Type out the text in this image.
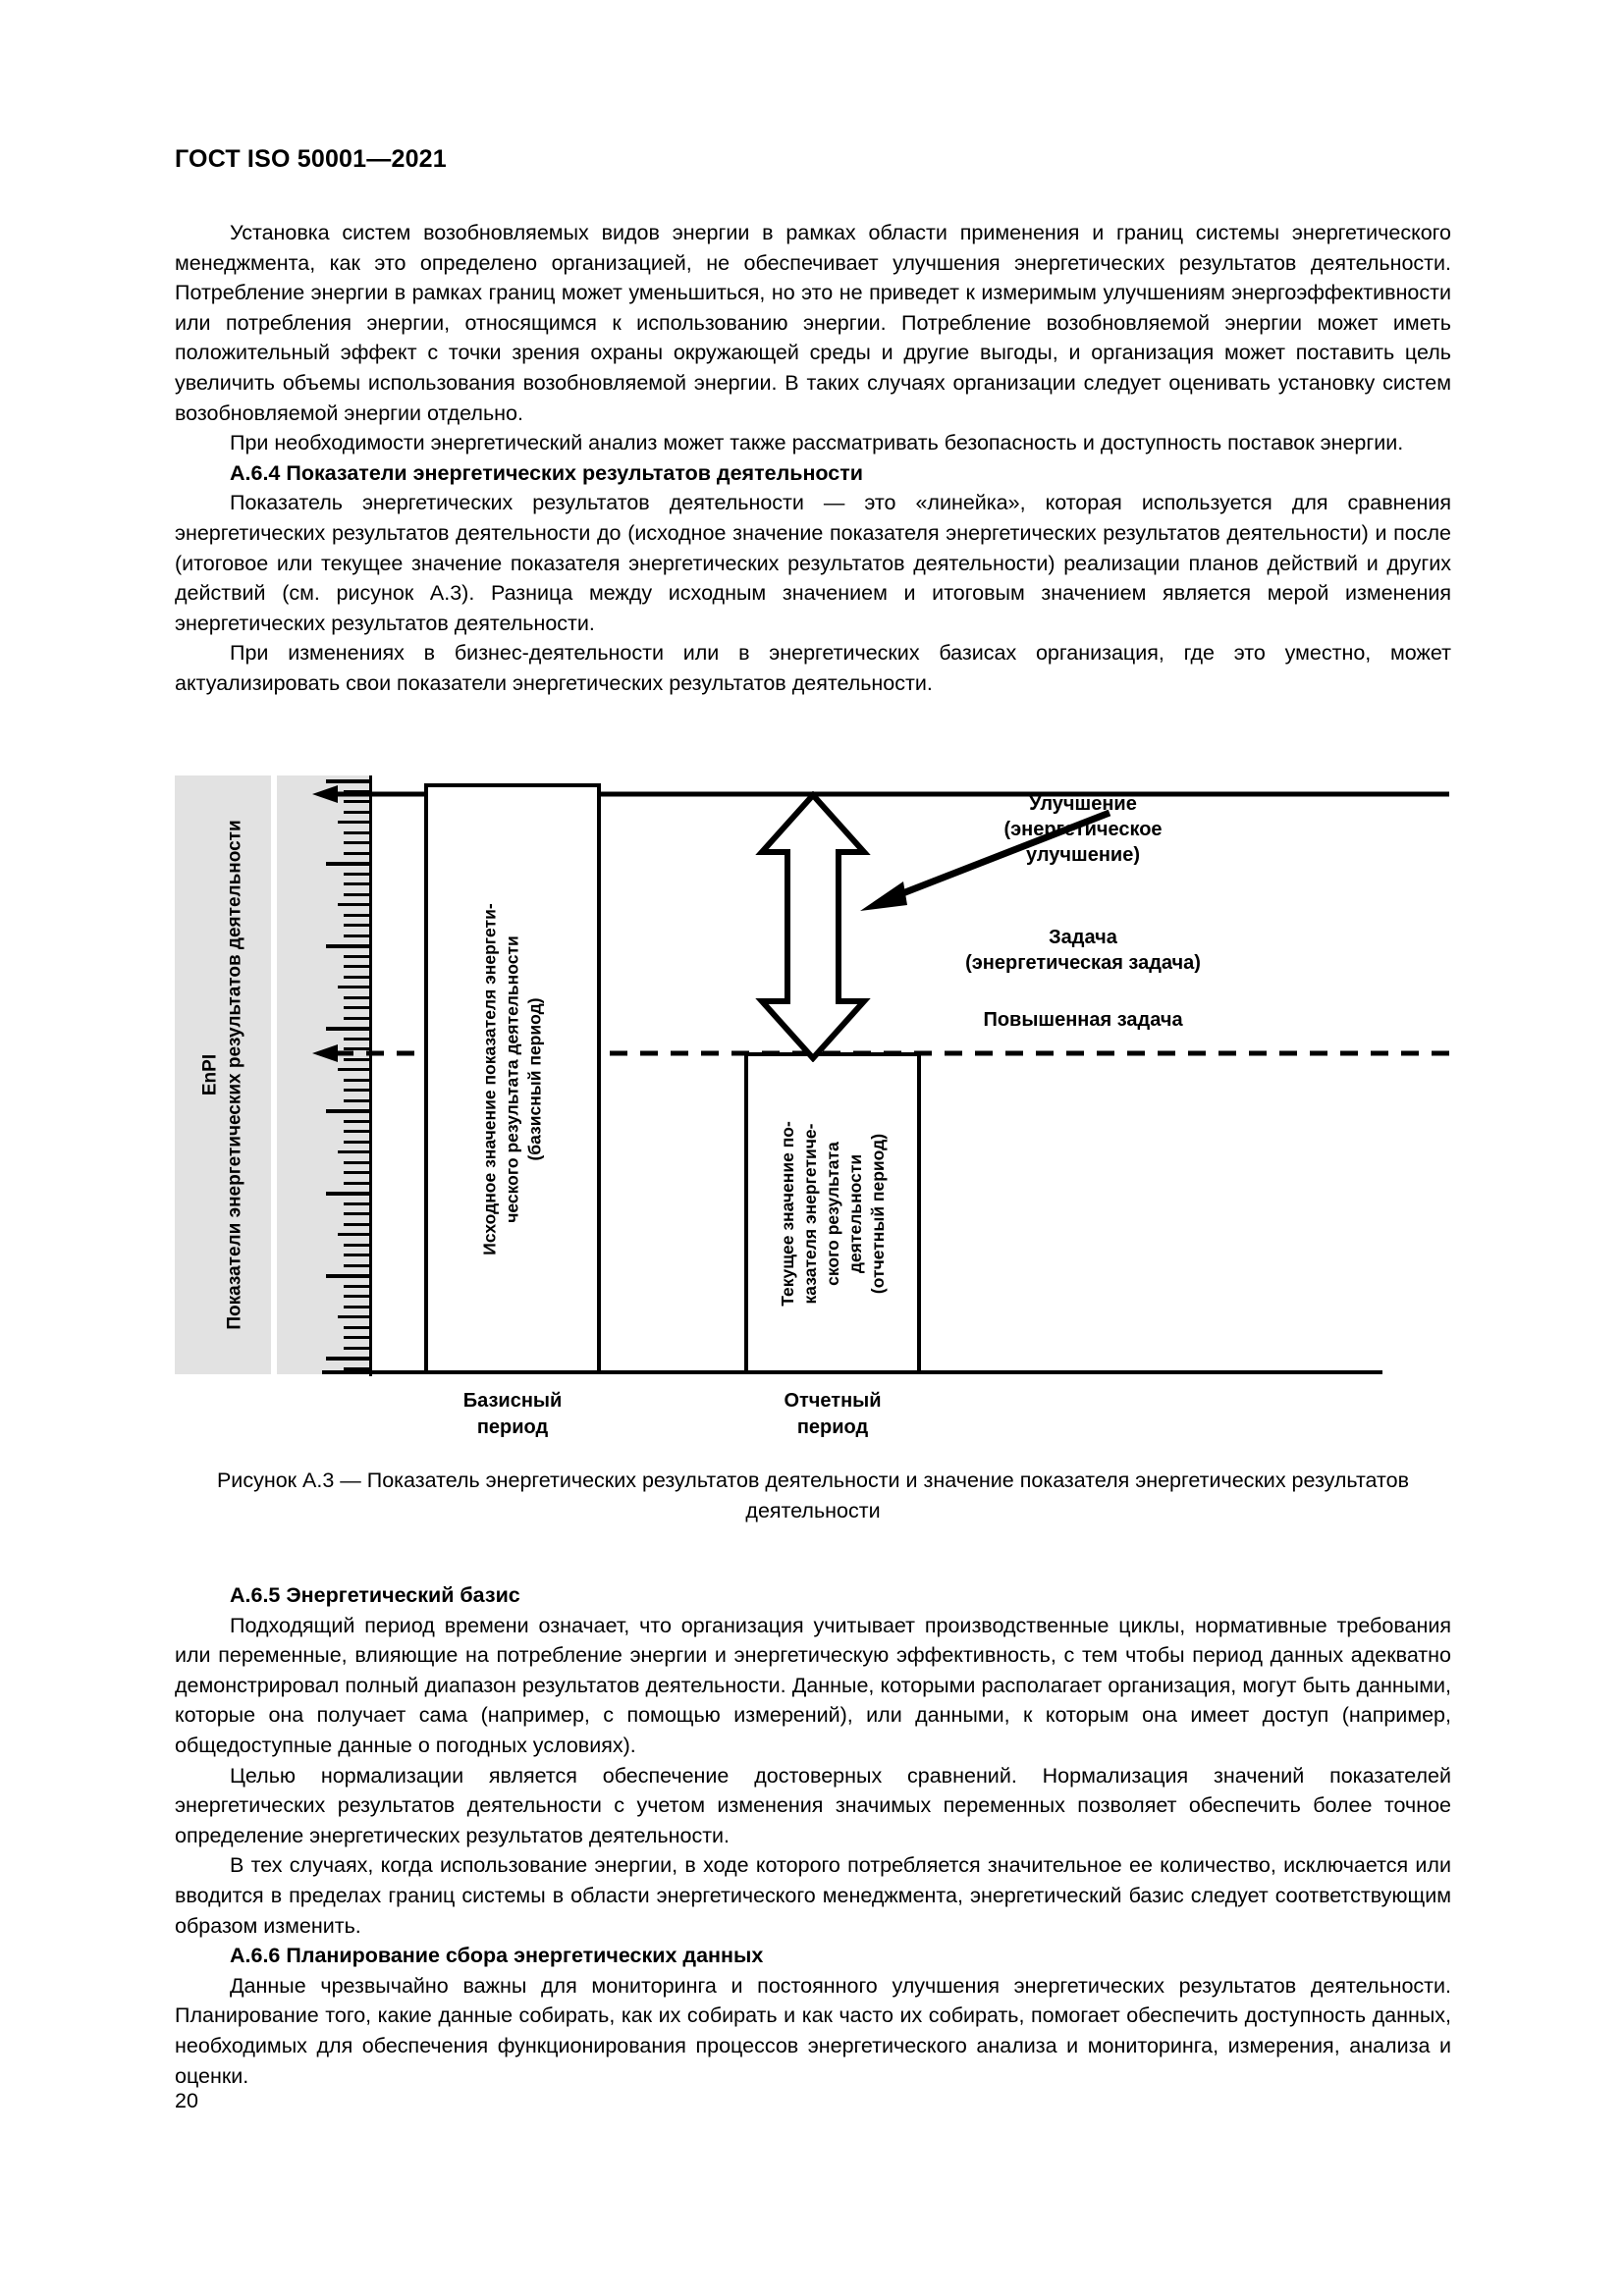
ГОСТ ISO 50001—2021

Установка систем возобновляемых видов энергии в рамках области применения и границ системы энергетического менеджмента, как это определено организацией, не обеспечивает улучшения энергетических результатов деятельности. Потребление энергии в рамках границ может уменьшиться, но это не приведет к измеримым улучшениям энергоэффективности или потребления энергии, относящимся к использованию энергии. Потребление возобновляемой энергии может иметь положительный эффект с точки зрения охраны окружающей среды и другие выгоды, и организация может поставить цель увеличить объемы использования возобновляемой энергии. В таких случаях организации следует оценивать установку систем возобновляемой энергии отдельно.

При необходимости энергетический анализ может также рассматривать безопасность и доступность поставок энергии.

А.6.4 Показатели энергетических результатов деятельности

Показатель энергетических результатов деятельности — это «линейка», которая используется для сравнения энергетических результатов деятельности до (исходное значение показателя энергетических результатов деятельности) и после (итоговое или текущее значение показателя энергетических результатов деятельности) реализации планов действий и других действий (см. рисунок А.3). Разница между исходным значением и итоговым значением является мерой изменения энергетических результатов деятельности.

При изменениях в бизнес-деятельности или в энергетических базисах организация, где это уместно, может актуализировать свои показатели энергетических результатов деятельности.

EnPI Показатели энергетических результатов деятельности	Исходное значение показателя энергети- ческого результата деятельности (базисный период)
Текущее значение по- казателя энергетиче- ского результата деятельности (отчетный период)
Улучшение
(энергетическое
улучшение)
Задача
(энергетическая задача)
Повышенная задача
Базисный
период
Отчетный
период
Рисунок А.3 — Показатель энергетических результатов деятельности и значение показателя энергетических результатов деятельности
А.6.5 Энергетический базис

Подходящий период времени означает, что организация учитывает производственные циклы, нормативные требования или переменные, влияющие на потребление энергии и энергетическую эффективность, с тем чтобы период данных адекватно демонстрировал полный диапазон результатов деятельности. Данные, которыми располагает организация, могут быть данными, которые она получает сама (например, с помощью измерений), или данными, к которым она имеет доступ (например, общедоступные данные о погодных условиях).

Целью нормализации является обеспечение достоверных сравнений. Нормализация значений показателей энергетических результатов деятельности с учетом изменения значимых переменных позволяет обеспечить более точное определение энергетических результатов деятельности.

В тех случаях, когда использование энергии, в ходе которого потребляется значительное ее количество, исключается или вводится в пределах границ системы в области энергетического менеджмента, энергетический базис следует соответствующим образом изменить.

А.6.6 Планирование сбора энергетических данных

Данные чрезвычайно важны для мониторинга и постоянного улучшения энергетических результатов деятельности. Планирование того, какие данные собирать, как их собирать и как часто их собирать, помогает обеспечить доступность данных, необходимых для обеспечения функционирования процессов энергетического анализа и мониторинга, измерения, анализа и оценки.

20
